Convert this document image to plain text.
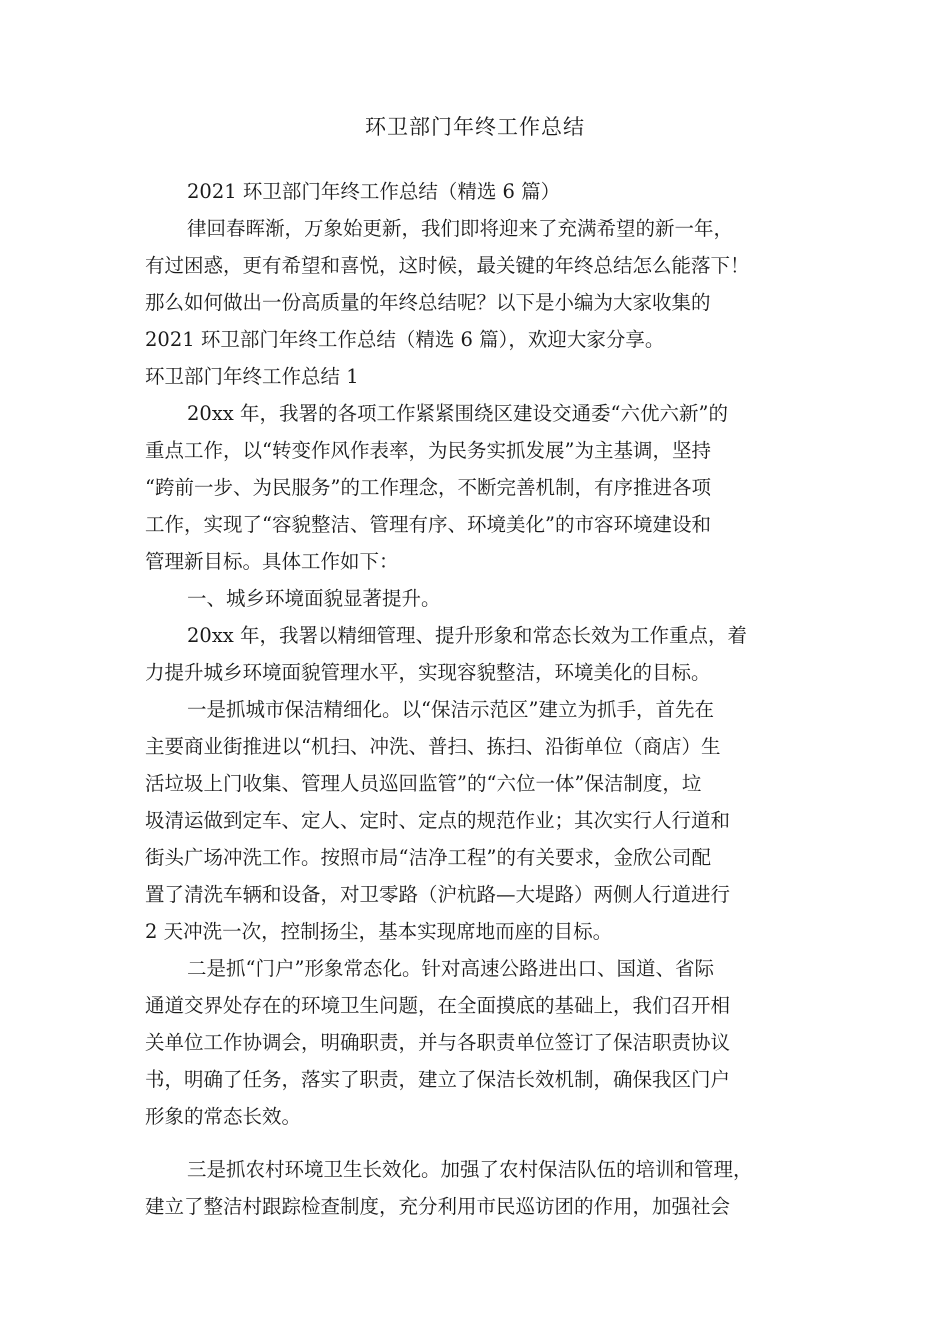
环卫部门年终工作总结
2021 环卫部门年终工作总结（精选 6 篇）
律回春晖渐，万象始更新，我们即将迎来了充满希望的新一年，
有过困惑，更有希望和喜悦，这时候，最关键的年终总结怎么能落下！
那么如何做出一份高质量的年终总结呢？以下是小编为大家收集的
2021 环卫部门年终工作总结（精选 6 篇），欢迎大家分享。
环卫部门年终工作总结 1
20xx 年，我署的各项工作紧紧围绕区建设交通委“六优六新”的
重点工作，以“转变作风作表率，为民务实抓发展”为主基调，坚持
“跨前一步、为民服务”的工作理念，不断完善机制，有序推进各项
工作，实现了“容貌整洁、管理有序、环境美化”的市容环境建设和
管理新目标。具体工作如下：
一、城乡环境面貌显著提升。
20xx 年，我署以精细管理、提升形象和常态长效为工作重点，着
力提升城乡环境面貌管理水平，实现容貌整洁，环境美化的目标。
一是抓城市保洁精细化。以“保洁示范区”建立为抓手，首先在
主要商业街推进以“机扫、冲洗、普扫、拣扫、沿街单位（商店）生
活垃圾上门收集、管理人员巡回监管”的“六位一体”保洁制度，垃
圾清运做到定车、定人、定时、定点的规范作业；其次实行人行道和
街头广场冲洗工作。按照市局“洁净工程”的有关要求，金欣公司配
置了清洗车辆和设备，对卫零路（沪杭路—大堤路）两侧人行道进行
2 天冲洗一次，控制扬尘，基本实现席地而座的目标。
二是抓“门户”形象常态化。针对高速公路进出口、国道、省际
通道交界处存在的环境卫生问题，在全面摸底的基础上，我们召开相
关单位工作协调会，明确职责，并与各职责单位签订了保洁职责协议
书，明确了任务，落实了职责，建立了保洁长效机制，确保我区门户
形象的常态长效。
三是抓农村环境卫生长效化。加强了农村保洁队伍的培训和管理，
建立了整洁村跟踪检查制度，充分利用市民巡访团的作用，加强社会
